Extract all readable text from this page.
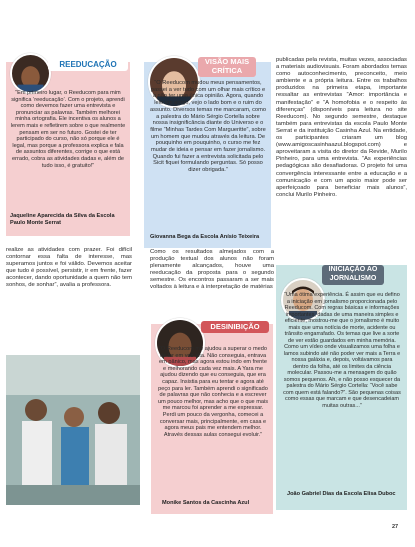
REEDUCAÇÃO
“Em primeiro lugar, o Reeducom para mim significa ‘reeducação’. Com o projeto, aprendi como devemos fazer uma entrevista e pronunciar as palavras. Também melhorei minha ortografia. Ele incentiva os alunos a lerem mais e refletirem sobre o que realmente pensam em ser no futuro. Gostei de ter participado do curso, não só porque ele é legal, mas porque a professora explica e fala de assuntos diferentes, corrige o que está errado, cobra as atividades dadas e, além de tudo isso, é gratuito!”
Jaqueline Aparecida da Silva da Escola Paulo Monte Serrat
realize as atividades com prazer. Foi difícil contornar essa falta de interesse, mas superamos juntos e foi válido. Devemos aceitar que tudo é possível, persistir, ir em frente, fazer acontecer, dando oportunidade a quem não tem sonhos, de sonhar”, avalia a professora.
VISÃO MAIS
CRÍTICA
“O Reeducom mudou meus pensamentos, passei a ver tudo com um olhar mais crítico e a não ter uma única opinião. Agora, quando leio um artigo, vejo o lado bom e o ruim do assunto. Diversos temas me marcaram, como a palestra do Mário Sérgio Cortella sobre nossa insignificância diante do Universo e o filme “Minhas Tardes Com Margueritte”, sobre um homem que mudou através da leitura. De pouquinho em pouquinho, o curso me fez mudar de ideia e pensar em fazer jornalismo. Quando fui fazer a entrevista solicitada pelo Sicit fiquei formulando perguntas. Só posso dizer obrigada.”
Giovanna Bega da Escola Anísio Teixeira
Como os resultados almejados com a produção textual dos alunos não foram plenamente alcançados, houve uma reeducação da proposta para o segundo semestre. Os encontros passaram a ser mais voltados à leitura e à interpretação de matérias
DESINIBIÇÃO
“O Reeducom me ajudou a superar o medo de ler em voz alta. Não conseguia, entrava em pânico, mas agora estou indo em frente e melhorando cada vez mais. A Yara me ajudou dizendo que eu conseguia, que era capaz. Insistia para eu tentar e agora até peço para ler. Também aprendi o significado de palavras que não conhecia e a escrever um pouco melhor, mas acho que o que mais me marcou foi aprender a me expressar. Perdi um pouco da vergonha, comecei a conversar mais, principalmente, em casa e agora meus pais me entendem melhor. Através dessas aulas consegui evoluir.”
Monike Santos da Cascinha Azul
publicadas pela revista, muitas vezes, associadas a materiais audiovisuais. Foram abordados temas como autoconhecimento, preconceito, meio ambiente e a própria leitura. Entre os trabalhos produzidos na primeira etapa, importante ressaltar as entrevistas “Amor: importância e manifestação” e “A homofobia e o respeito às diferenças” (disponíveis para leitura no site Reeducom). No segundo semestre, destaque também para entrevistas da escola Paulo Monte Serrat e da instituição Casinha Azul. Na entidade, os participantes criaram um blog (www.amigoscasinhaazul.blogspot.com) e aproveitaram a visita do diretor da Revide, Murilo Pinheiro, para uma entrevista. “As experiências pedagógicas são desafiadoras. O projeto foi uma convergência interessante entre a educação e a comunicação e com um apoio maior pode ser aperfeiçoado para beneficiar mais alunos”, conclui Murilo Pinheiro.
INICIAÇÃO AO
JORNALISMO
“Uma ótima experiência. É assim que eu defino a iniciação em jornalismo proporcionada pelo Reeducom. Com regras básicas e informações importantes, dadas de uma maneira simples e eficiente, mostrou-me que o jornalismo é muito mais que uma notícia de morte, acidente ou trânsito engarrafado. Os temas que live a sorte de ver estão guardados em minha memória. Como um vídeo onde visualizamos uma folha e lamos subindo até não poder ver mais a Terra e nossa galáxia e, depois, voltávamos para dentro da folha, até os limites da ciência molecular. Passou-me a mensagem do quão somos pequenos. Ah, e não posso esquecer da palestra do Mário Sérgio Cortella: “Você sabe com quem está falando?”. São pequenas coisas como essas que marcam e que desencadeiam muitas outras...”
João Gabriel Dias da Escola Elisa Duboc
27
